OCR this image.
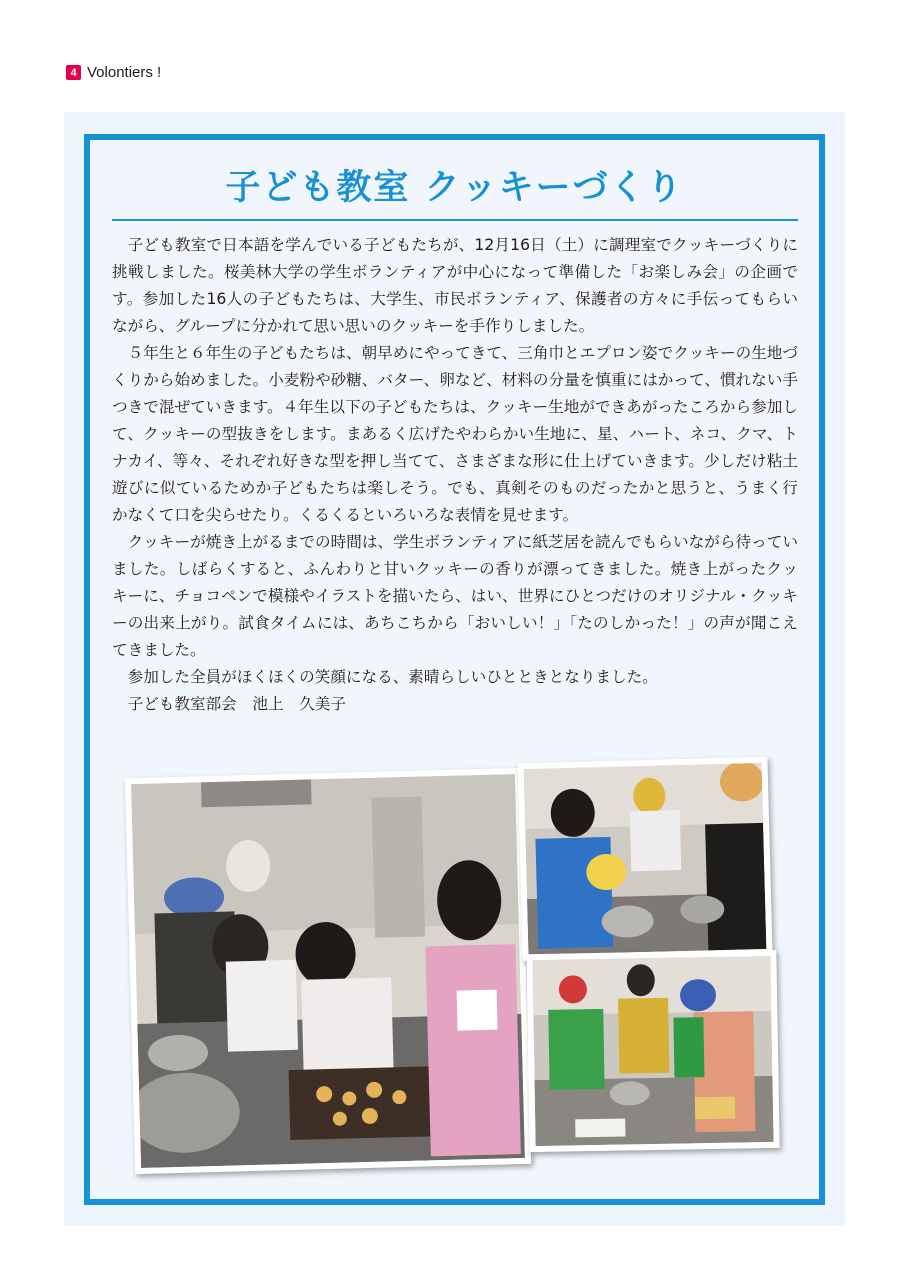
4 Volontiers !
子ども教室 クッキーづくり

子ども教室で日本語を学んでいる子どもたちが、12月16日（土）に調理室でクッキーづくりに挑戦しました。桜美林大学の学生ボランティアが中心になって準備した「お楽しみ会」の企画です。参加した16人の子どもたちは、大学生、市民ボランティア、保護者の方々に手伝ってもらいながら、グループに分かれて思い思いのクッキーを手作りしました。

５年生と６年生の子どもたちは、朝早めにやってきて、三角巾とエプロン姿でクッキーの生地づくりから始めました。小麦粉や砂糖、バター、卵など、材料の分量を慎重にはかって、慣れない手つきで混ぜていきます。４年生以下の子どもたちは、クッキー生地ができあがったころから参加して、クッキーの型抜きをします。まあるく広げたやわらかい生地に、星、ハート、ネコ、クマ、トナカイ、等々、それぞれ好きな型を押し当てて、さまざまな形に仕上げていきます。少しだけ粘土遊びに似ているためか子どもたちは楽しそう。でも、真剣そのものだったかと思うと、うまく行かなくて口を尖らせたり。くるくるといろいろな表情を見せます。

クッキーが焼き上がるまでの時間は、学生ボランティアに紙芝居を読んでもらいながら待っていました。しばらくすると、ふんわりと甘いクッキーの香りが漂ってきました。焼き上がったクッキーに、チョコペンで模様やイラストを描いたら、はい、世界にひとつだけのオリジナル・クッキーの出来上がり。試食タイムには、あちこちから「おいしい！」「たのしかった！」の声が聞こえてきました。

参加した全員がほくほくの笑顔になる、素晴らしいひとときとなりました。

子ども教室部会　池上　久美子
